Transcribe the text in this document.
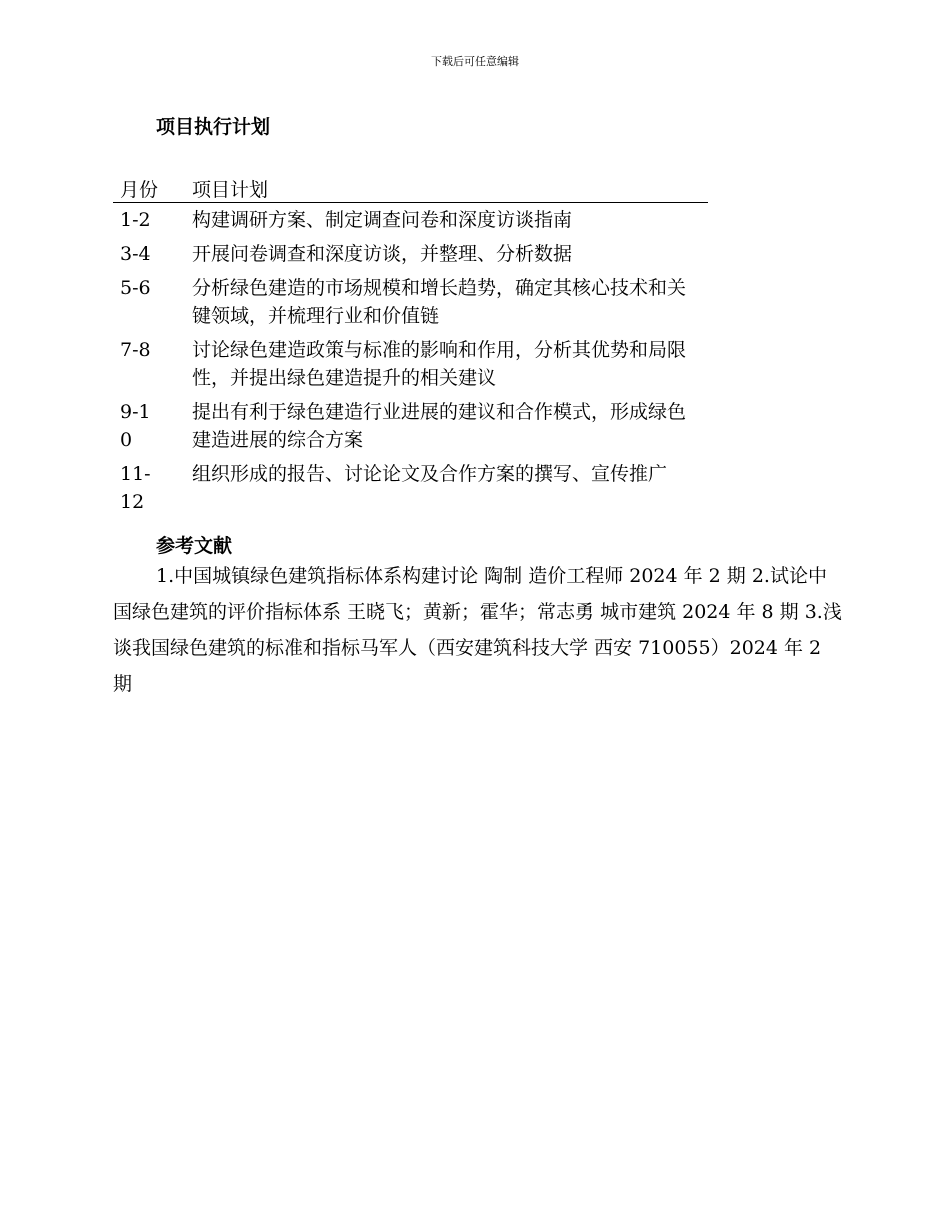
下载后可任意编辑
项目执行计划
月份	项目计划
1-2	构建调研方案、制定调查问卷和深度访谈指南
3-4	开展问卷调查和深度访谈，并整理、分析数据
5-6	分析绿色建造的市场规模和增长趋势，确定其核心技术和关键领域，并梳理行业和价值链
7-8	讨论绿色建造政策与标准的影响和作用，分析其优势和局限性，并提出绿色建造提升的相关建议
9-10	提出有利于绿色建造行业进展的建议和合作模式，形成绿色建造进展的综合方案
11-12	组织形成的报告、讨论论文及合作方案的撰写、宣传推广
参考文献
1.中国城镇绿色建筑指标体系构建讨论 陶制 造价工程师 2024 年 2 期 2.试论中国绿色建筑的评价指标体系 王晓飞；黄新；霍华；常志勇 城市建筑 2024 年 8 期 3.浅谈我国绿色建筑的标准和指标马军人（西安建筑科技大学 西安 710055）2024 年 2 期
